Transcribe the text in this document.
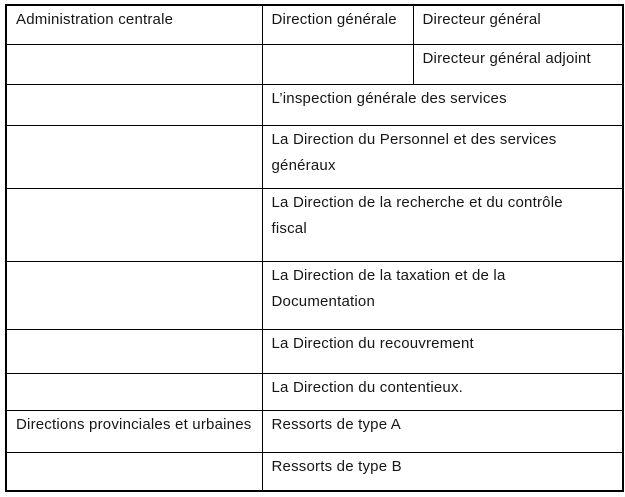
Administration centrale	Direction générale	Directeur général

		Directeur général adjoint

	L’inspection générale des services	

	La Direction du Personnel et des services
généraux	

	La Direction de la recherche et du contrôle
fiscal	

	La Direction de la taxation et de la
Documentation	

	La Direction du recouvrement	

	La Direction du contentieux.	

Directions provinciales et urbaines	Ressorts de type A	

	Ressorts de type B	
